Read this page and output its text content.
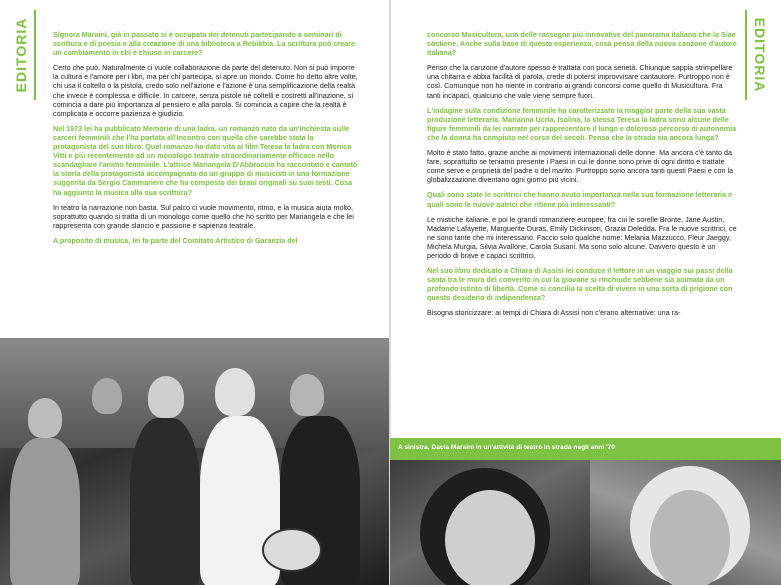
EDITORIA	Signora Maraini, già in passato si è occupata dei detenuti partecipando a seminari di scrittura e di poesia e alla creazione di una biblioteca a Rebibbia. La scrittura può creare un cambiamento in chi è chiuso in carcere?

Certo che può. Naturalmente ci vuole collaborazione da parte del detenuto. Non si può imporre la cultura e l'amore per i libri, ma per chi partecipa, si apre un mondo. Come ho detto altre volte, chi usa il coltello o la pistola, credo solo nell'azione e l'azione è una semplificazione della realtà che invece è complessa e difficile. In carcere, senza pistole né coltelli e costretti all'inazione, si comincia a dare più importanza al pensiero e alla parola. Si comincia a capire che la realtà è complicata e occorre pazienza e giudizio.

Nel 1973 lei ha pubblicato Memorie di una ladra, un romanzo nato da un'inchiesta sulle carceri femminili che l'ha portata all'incontro con quella che sarebbe stata la protagonista del suo libro. Quel romanzo ha dato vita al film Teresa la ladra con Monica Vitti e più recentemente ad un monologo teatrale straordinariamente efficace nello scandagliare l'animo femminile. L'attrice Mariangela D'Abbraccio ha raccontato e cantato la storia della protagonista accompagnata da un gruppo di musicisti in una formazione suggerita da Sergio Cammariere che ha composto dei brani originali su suoi testi. Cosa ha aggiunto la musica alla sua scrittura?

In teatro la narrazione non basta. Sul palco ci vuole movimento, ritmo, e la musica aiuta molto, soprattutto quando si tratta di un monologo come quello che ho scritto per Mariangela e che lei rappresenta con grande slancio e passione e sapienza teatrale.

A proposito di musica, lei fa parte del Comitato Artistico di Garanzia del

EDITORIA

concorso Musicultura, una delle rassegne più innovative del panorama italiano che la Siae sostiene. Anche sulla base di questa esperienza, cosa pensa della nuova canzone d'autore italiana?

Penso che la canzone d'autore spesso è trattata con poca serietà. Chiunque sappia strimpellare una chitarra e abbia facilità di parola, crede di potersi improvvisare cantautore. Purtroppo non è così. Comunque non ho niente in contrario ai grandi concorsi come quello di Musicultura. Fra tanti incapaci, qualcuno che vale viene sempre fuori.

L'indagine sulla condizione femminile ha caratterizzato la maggior parte della sua vasta produzione letteraria. Marianna Ucrìa, Isolina, la stessa Teresa la ladra sono alcune delle figure femminili da lei narrate per rappresentare il lungo e doloroso percorso di autonomia che la donna ha compiuto nel corso del secoli. Pensa che la strada sia ancora lunga?

Molto è stato fatto, grazie anche ai movimenti internazionali delle donne. Ma ancora c'è tanto da fare, soprattutto se teniamo presente i Paesi in cui le donne sono prive di ogni diritto e trattate come serve e proprietà del padre o del marito. Purtroppo sono ancora tanti questi Paesi e con la globalizzazione diventano ogni giorno più vicini.

Quali sono state le scrittrici che hanno avuto importanza nella sua formazione letteraria e quali sono le nuove autrici che ritiene più interessanti?

Le mistiche italiane, e poi le grandi romanziere europee, fra cui le sorelle Bronte, Jane Austin, Madame Lafayette, Marguerite Duras, Emily Dickinson, Grazia Deledda. Fra le nuove scrittrici, ce ne sono tante che mi interessano. Faccio solo qualche nome: Melania Mazzucco, Fleur Jaeggy, Michela Murgia, Silvia Avallone, Carola Susani. Ma sono solo alcune. Davvero questo è un periodo di brave e capaci scrittrici.

Nel suo libro dedicato a Chiara di Assisi lei conduce il lettore in un viaggio sui passi della santa tra le mura del convento in cui la giovane si rinchiude sebbene sia animata da un profondo istinto di libertà. Come si concilia la scelta di vivere in una sorta di prigione con questo desiderio di indipendenza?

Bisogna storicizzare: ai tempi di Chiara di Assisi non c'erano alternative: una ra-

A sinistra, Dacia Maraini in un'attività di teatro in strada negli anni '70
